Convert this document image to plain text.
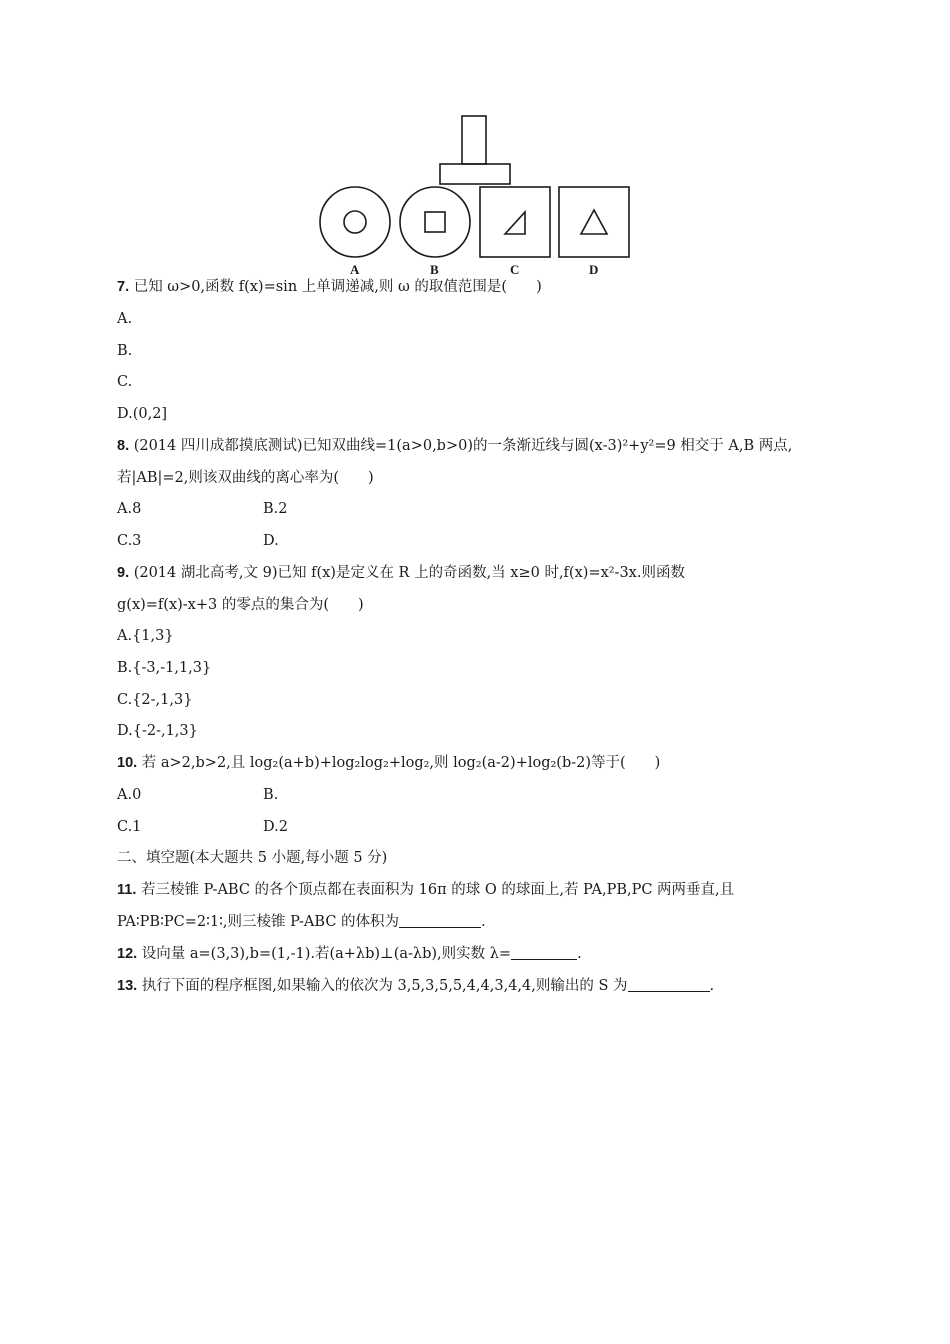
A	B	C	D
7. 已知 ω>0,函数 f(x)=sin 上单调递减,则 ω 的取值范围是(　　)
A.
B.
C.
D.(0,2]
8. (2014 四川成都摸底测试)已知双曲线=1(a>0,b>0)的一条渐近线与圆(x-3)²+y²=9 相交于 A,B 两点,
若|AB|=2,则该双曲线的离心率为(　　)
A.8	B.2
C.3	D.
9. (2014 湖北高考,文 9)已知 f(x)是定义在 R 上的奇函数,当 x≥0 时,f(x)=x²-3x.则函数
g(x)=f(x)-x+3 的零点的集合为(　　)
A.{1,3}
B.{-3,-1,1,3}
C.{2-,1,3}
D.{-2-,1,3}
10. 若 a>2,b>2,且 log₂(a+b)+log₂log₂+log₂,则 log₂(a-2)+log₂(b-2)等于(　　)
A.0	B.
C.1	D.2
二、填空题(本大题共 5 小题,每小题 5 分)
11. 若三棱锥 P-ABC 的各个顶点都在表面积为 16π 的球 O 的球面上,若 PA,PB,PC 两两垂直,且
PA∶PB∶PC=2∶1∶,则三棱锥 P-ABC 的体积为	.
12. 设向量 a=(3,3),b=(1,-1).若(a+λb)⊥(a-λb),则实数 λ=	.
13. 执行下面的程序框图,如果输入的依次为 3,5,3,5,5,4,4,3,4,4,则输出的 S 为	.
